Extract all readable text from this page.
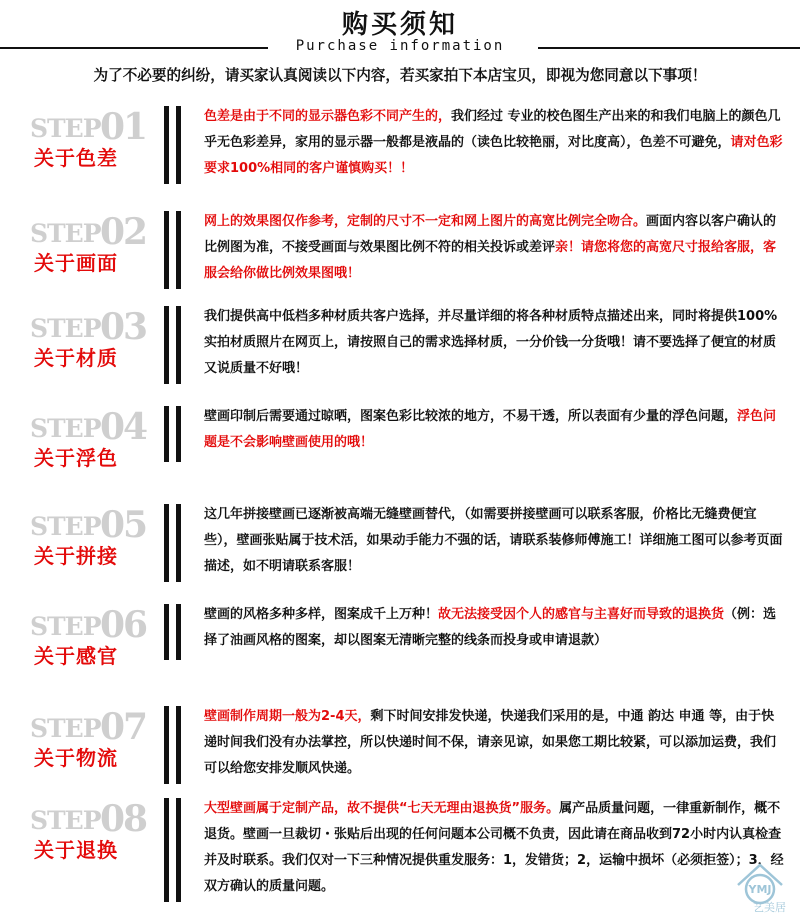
购买须知
Purchase information
为了不必要的纠纷，请买家认真阅读以下内容，若买家拍下本店宝贝，即视为您同意以下事项！
STEP 01
关于色差
色差是由于不同的显示器色彩不同产生的，我们经过 专业的校色图生产出来的和我们电脑上的颜色几乎无色彩差异，家用的显示器一般都是液晶的（读色比较艳丽，对比度高），色差不可避免，请对色彩要求100%相同的客户谨慎购买！！
STEP 02
关于画面
网上的效果图仅作参考，定制的尺寸不一定和网上图片的高宽比例完全吻合。画面内容以客户确认的比例图为准，不接受画面与效果图比例不符的相关投诉或差评亲！请您将您的高宽尺寸报给客服，客服会给你做比例效果图哦！
STEP 03
关于材质
我们提供高中低档多种材质共客户选择，并尽量详细的将各种材质特点描述出来，同时将提供100%实拍材质照片在网页上，请按照自己的需求选择材质，一分价钱一分货哦！请不要选择了便宜的材质又说质量不好哦！
STEP 04
关于浮色
壁画印制后需要通过晾晒，图案色彩比较浓的地方，不易干透，所以表面有少量的浮色问题，浮色问题是不会影响壁画使用的哦！
STEP 05
关于拼接
这几年拼接壁画已逐渐被高端无缝壁画替代，（如需要拼接壁画可以联系客服，价格比无缝费便宜些），壁画张贴属于技术活，如果动手能力不强的话，请联系装修师傅施工！详细施工图可以参考页面描述，如不明请联系客服！
STEP 06
关于感官
壁画的风格多种多样，图案成千上万种！故无法接受因个人的感官与主喜好而导致的退换货（例：选择了油画风格的图案，却以图案无清晰完整的线条而投身或申请退款）
STEP 07
关于物流
壁画制作周期一般为2-4天，剩下时间安排发快递，快递我们采用的是，中通 韵达 申通 等，由于快递时间我们没有办法掌控，所以快递时间不保，请亲见谅，如果您工期比较紧，可以添加运费，我们可以给您安排发顺风快递。
STEP 08
关于退换
大型壁画属于定制产品，故不提供“七天无理由退换货”服务。属产品质量问题，一律重新制作，概不退货。壁画一旦裁切・张贴后出现的任何问题本公司概不负责，因此请在商品收到72小时内认真检查并及时联系。我们仅对一下三种情况提供重发服务：1，发错货；2，运输中损坏（必须拒签）；3，经双方确认的质量问题。	YMJ
艺美居
